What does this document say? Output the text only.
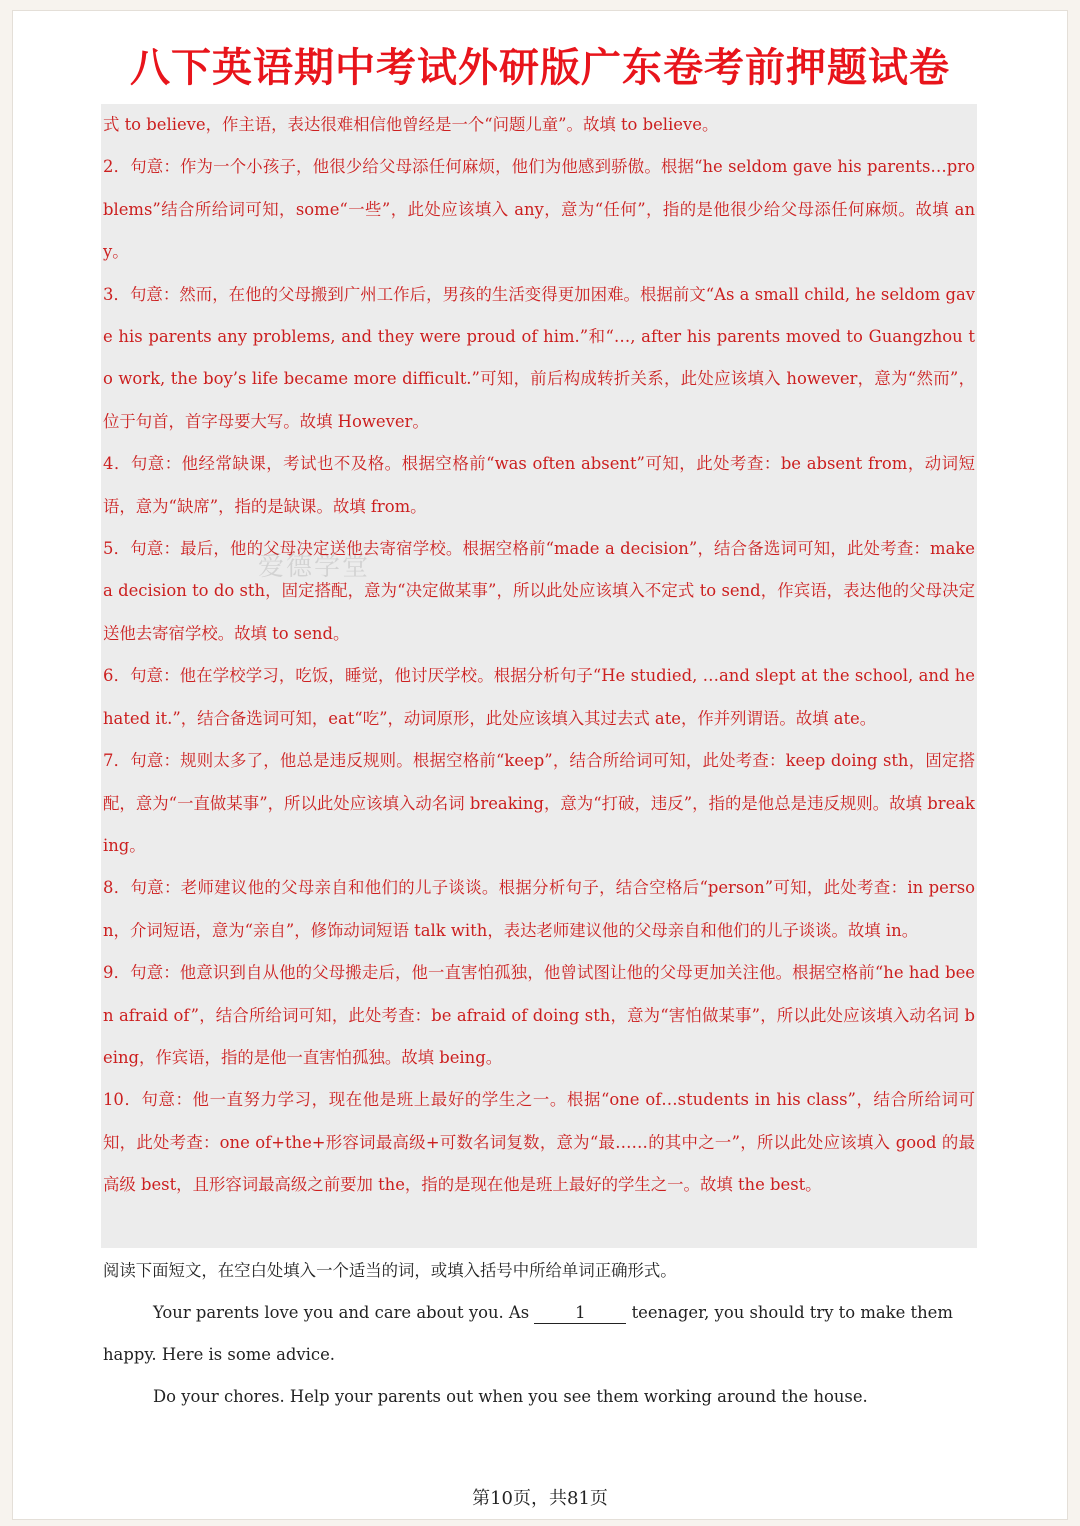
八下英语期中考试外研版广东卷考前押题试卷

式 to believe，作主语，表达很难相信他曾经是一个“问题儿童”。故填 to believe。

2．句意：作为一个小孩子，他很少给父母添任何麻烦，他们为他感到骄傲。根据“he seldom gave his parents…problems”结合所给词可知，some“一些”，此处应该填入 any，意为“任何”，指的是他很少给父母添任何麻烦。故填 any。

3．句意：然而，在他的父母搬到广州工作后，男孩的生活变得更加困难。根据前文“As a small child, he seldom gave his parents any problems, and they were proud of him.”和“…, after his parents moved to Guangzhou to work, the boy’s life became more difficult.”可知，前后构成转折关系，此处应该填入 however，意为“然而”，位于句首，首字母要大写。故填 However。

4．句意：他经常缺课，考试也不及格。根据空格前“was often absent”可知，此处考查：be absent from，动词短语，意为“缺席”，指的是缺课。故填 from。

5．句意：最后，他的父母决定送他去寄宿学校。根据空格前“made a decision”，结合备选词可知，此处考查：make a decision to do sth，固定搭配，意为“决定做某事”，所以此处应该填入不定式 to send，作宾语，表达他的父母决定送他去寄宿学校。故填 to send。

6．句意：他在学校学习，吃饭，睡觉，他讨厌学校。根据分析句子“He studied, …and slept at the school, and he hated it.”，结合备选词可知，eat“吃”，动词原形，此处应该填入其过去式 ate，作并列谓语。故填 ate。

7．句意：规则太多了，他总是违反规则。根据空格前“keep”，结合所给词可知，此处考查：keep doing sth，固定搭配，意为“一直做某事”，所以此处应该填入动名词 breaking，意为“打破，违反”，指的是他总是违反规则。故填 breaking。

8．句意：老师建议他的父母亲自和他们的儿子谈谈。根据分析句子，结合空格后“person”可知，此处考查：in person，介词短语，意为“亲自”，修饰动词短语 talk with，表达老师建议他的父母亲自和他们的儿子谈谈。故填 in。

9．句意：他意识到自从他的父母搬走后，他一直害怕孤独，他曾试图让他的父母更加关注他。根据空格前“he had been afraid of”，结合所给词可知，此处考查：be afraid of doing sth，意为“害怕做某事”，所以此处应该填入动名词 being，作宾语，指的是他一直害怕孤独。故填 being。

10．句意：他一直努力学习，现在他是班上最好的学生之一。根据“one of…students in his class”，结合所给词可知，此处考查：one of+the+形容词最高级+可数名词复数，意为“最……的其中之一”，所以此处应该填入 good 的最高级 best，且形容词最高级之前要加 the，指的是现在他是班上最好的学生之一。故填 the best。

爱德学堂
阅读下面短文，在空白处填入一个适当的词，或填入括号中所给单词正确形式。
Your parents love you and care about you. As 1 teenager, you should try to make them happy. Here is some advice.
Do your chores. Help your parents out when you see them working around the house.
第10页，共81页
